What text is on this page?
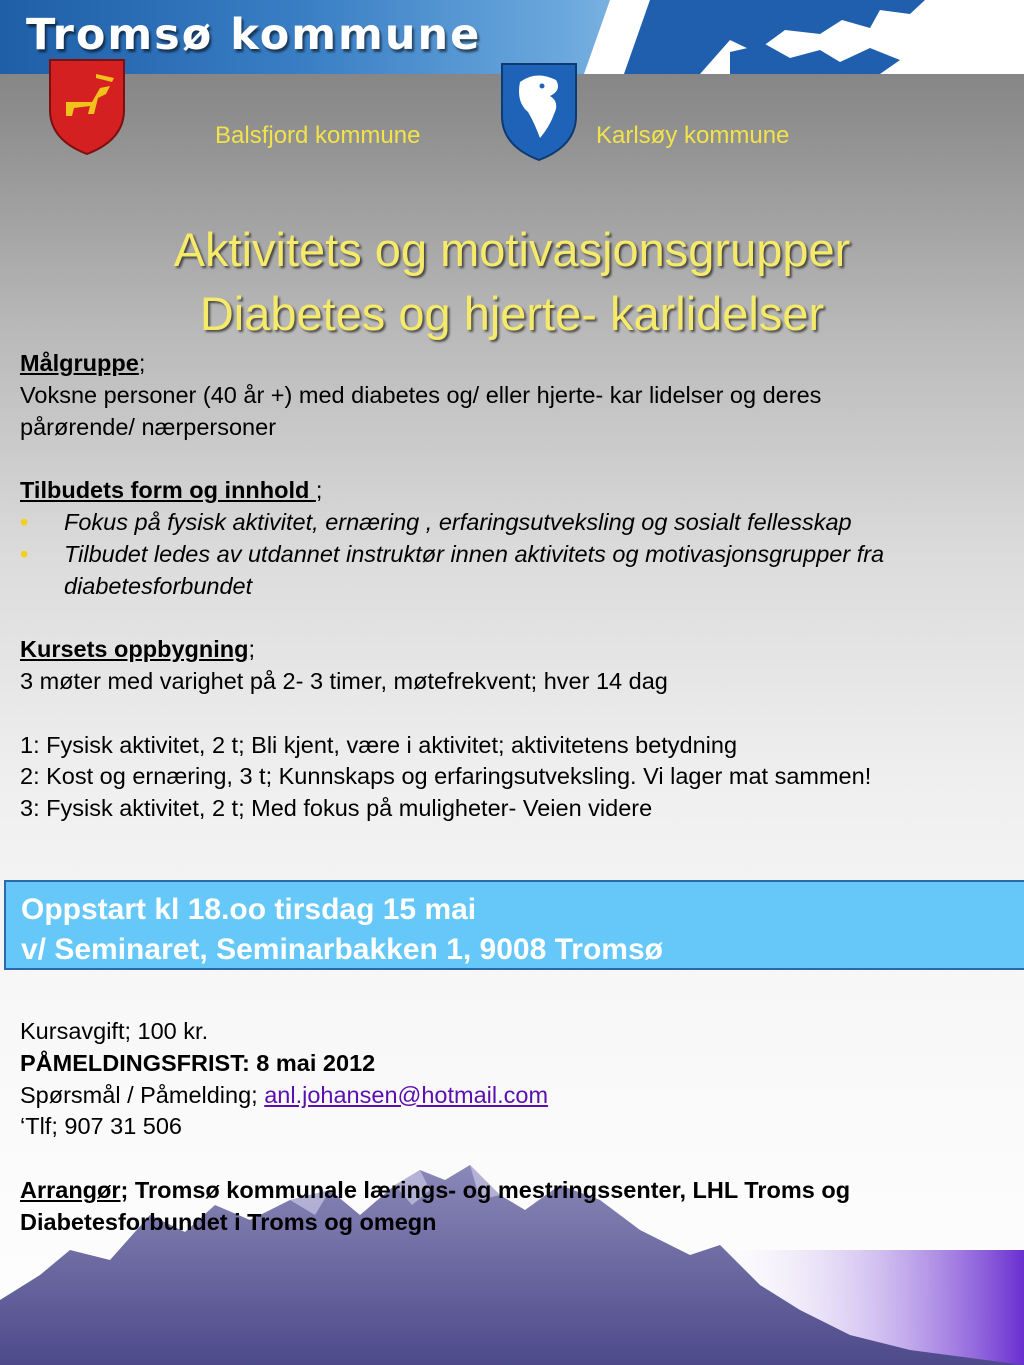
Tromsø kommune
Balsfjord kommune	Karlsøy kommune
Aktivitets og motivasjonsgrupper
Diabetes og hjerte- karlidelser

Målgruppe;

Voksne personer (40 år +) med diabetes og/ eller hjerte- kar lidelser og deres

pårørende/ nærpersoner

Tilbudets form og innhold ;

• Fokus på fysisk aktivitet, ernæring , erfaringsutveksling og sosialt fellesskap
• Tilbudet ledes av utdannet instruktør innen aktivitets og motivasjonsgrupper fra diabetesforbundet

Kursets oppbygning;

3 møter med varighet på 2- 3 timer, møtefrekvent; hver 14 dag

1: Fysisk aktivitet, 2 t; Bli kjent, være i aktivitet; aktivitetens betydning

2: Kost og ernæring, 3 t; Kunnskaps og erfaringsutveksling. Vi lager mat sammen!

3: Fysisk aktivitet, 2 t; Med fokus på muligheter- Veien videre

Oppstart kl 18.oo tirsdag 15 mai
v/ Seminaret, Seminarbakken 1, 9008 Tromsø

Kursavgift; 100 kr.

PÅMELDINGSFRIST: 8 mai 2012

Spørsmål / Påmelding; anl.johansen@hotmail.com

‘Tlf; 907 31 506

Arrangør; Tromsø kommunale lærings- og mestringssenter, LHL Troms og Diabetesforbundet i Troms og omegn
